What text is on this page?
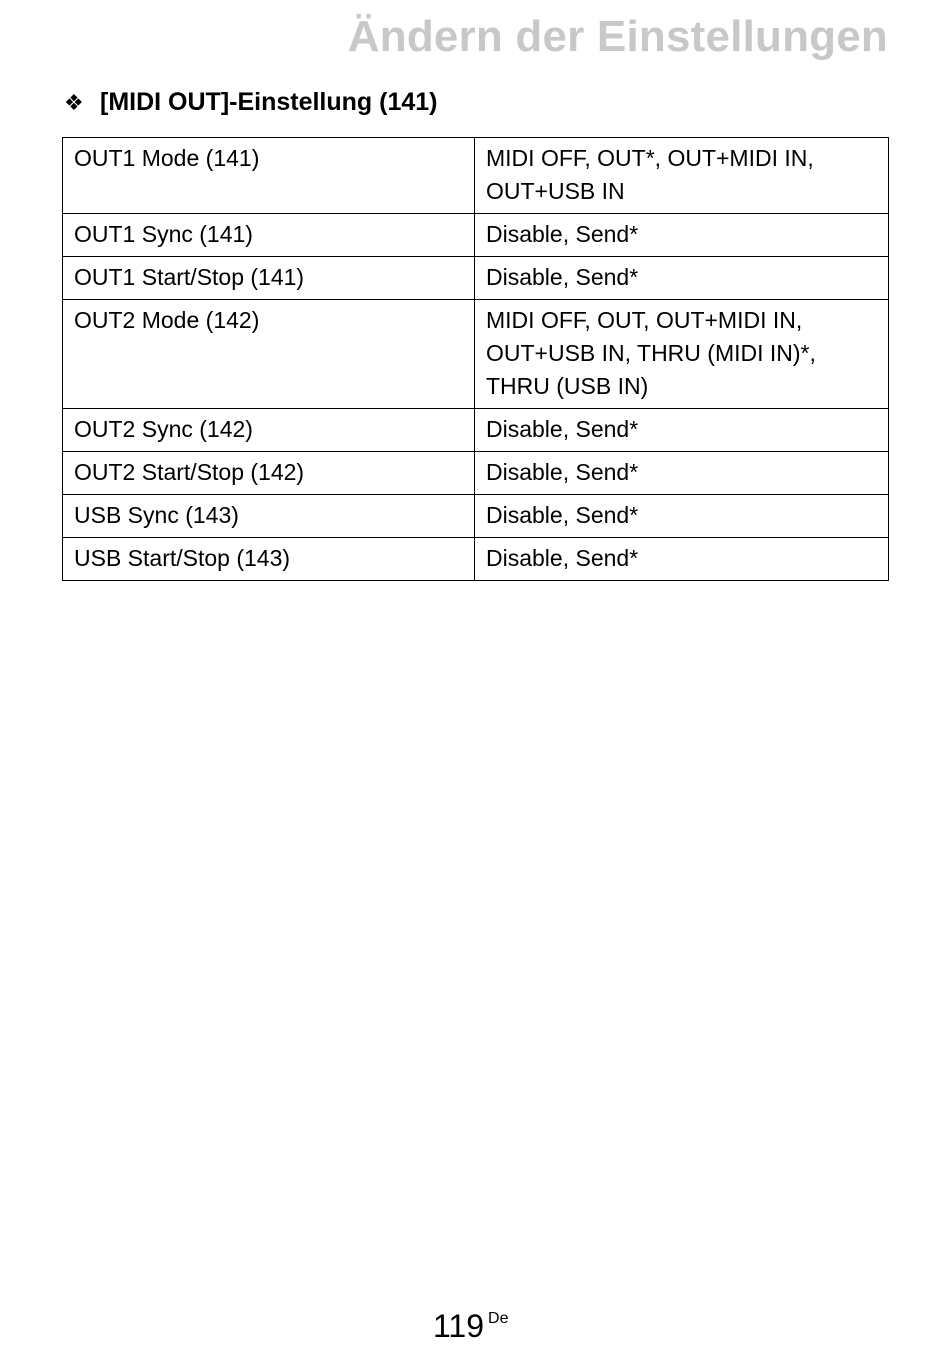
Ändern der Einstellungen
❖ [MIDI OUT]-Einstellung (141)
OUT1 Mode (141)	MIDI OFF, OUT*, OUT+MIDI IN, OUT+USB IN
OUT1 Sync (141)	Disable, Send*
OUT1 Start/Stop (141)	Disable, Send*
OUT2 Mode (142)	MIDI OFF, OUT, OUT+MIDI IN, OUT+USB IN, THRU (MIDI IN)*, THRU (USB IN)
OUT2 Sync (142)	Disable, Send*
OUT2 Start/Stop (142)	Disable, Send*
USB Sync (143)	Disable, Send*
USB Start/Stop (143)	Disable, Send*
119 $^{De}$
